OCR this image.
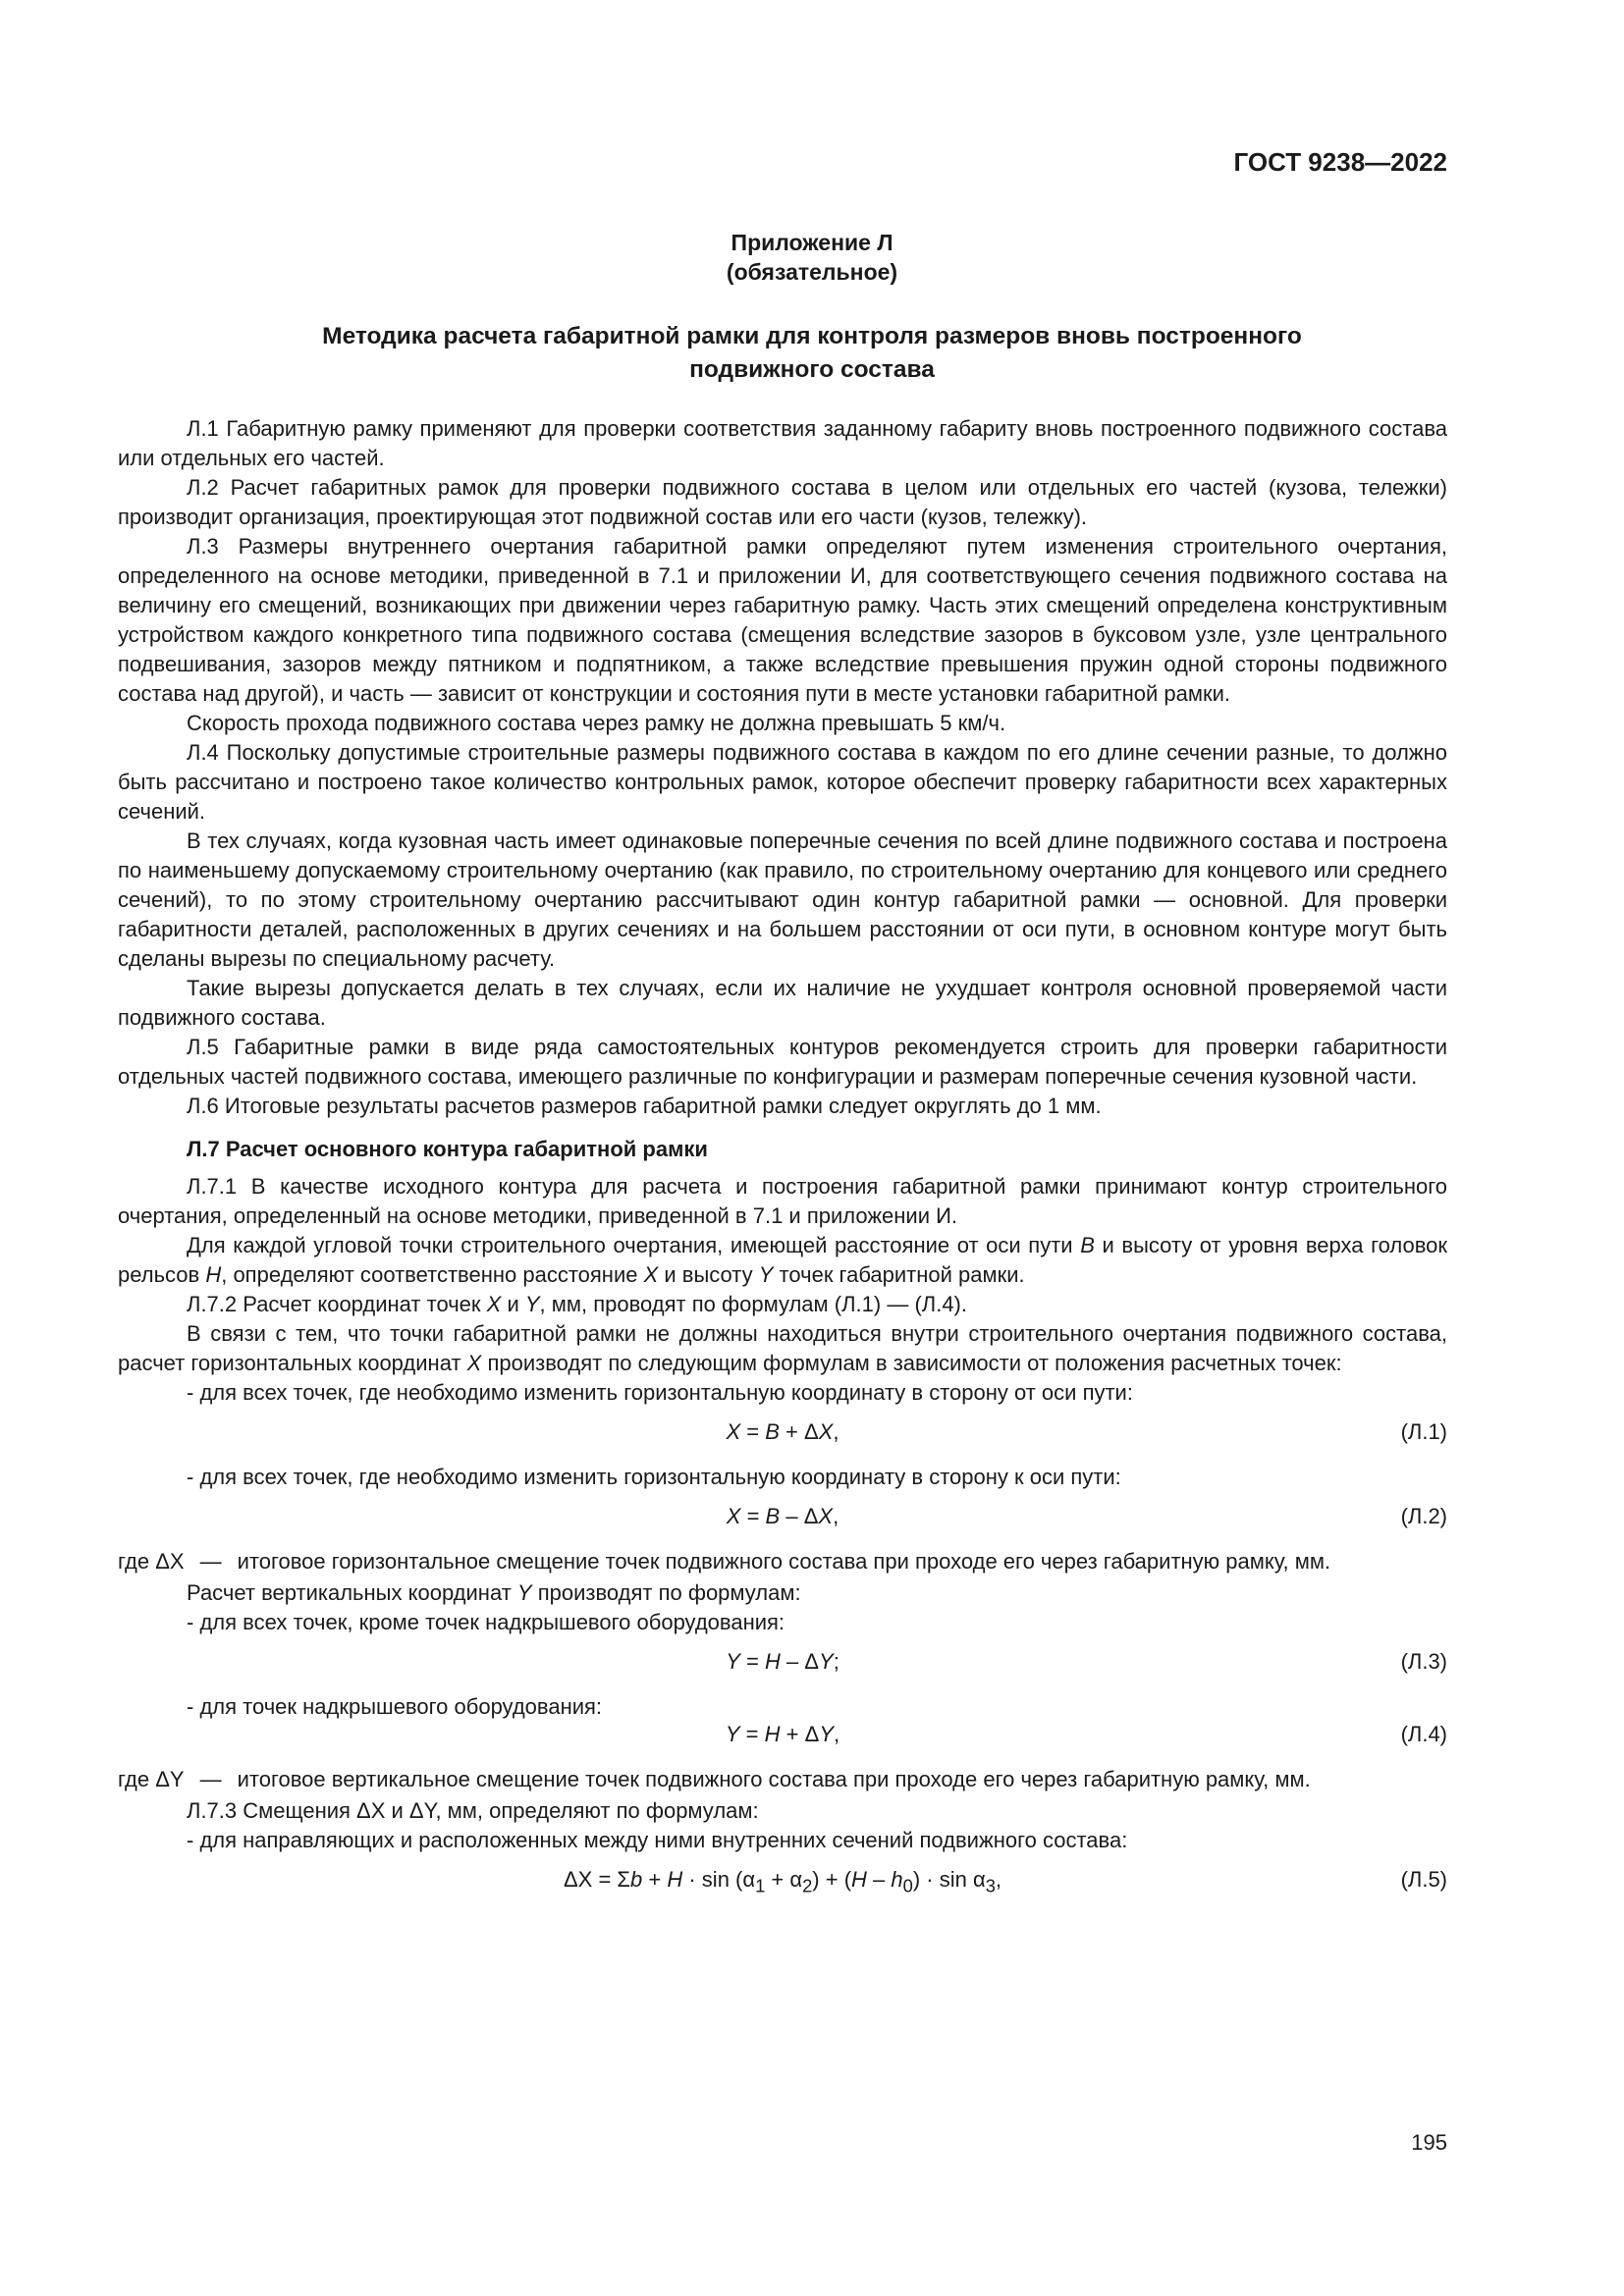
ГОСТ 9238—2022
Приложение Л
(обязательное)
Методика расчета габаритной рамки для контроля размеров вновь построенного
подвижного состава

Л.1 Габаритную рамку применяют для проверки соответствия заданному габариту вновь построенного подвижного состава или отдельных его частей.

Л.2 Расчет габаритных рамок для проверки подвижного состава в целом или отдельных его частей (кузова, тележки) производит организация, проектирующая этот подвижной состав или его части (кузов, тележку).

Л.3 Размеры внутреннего очертания габаритной рамки определяют путем изменения строительного очертания, определенного на основе методики, приведенной в 7.1 и приложении И, для соответствующего сечения подвижного состава на величину его смещений, возникающих при движении через габаритную рамку. Часть этих смещений определена конструктивным устройством каждого конкретного типа подвижного состава (смещения вследствие зазоров в буксовом узле, узле центрального подвешивания, зазоров между пятником и подпятником, а также вследствие превышения пружин одной стороны подвижного состава над другой), и часть — зависит от конструкции и состояния пути в месте установки габаритной рамки.

Скорость прохода подвижного состава через рамку не должна превышать 5 км/ч.

Л.4 Поскольку допустимые строительные размеры подвижного состава в каждом по его длине сечении разные, то должно быть рассчитано и построено такое количество контрольных рамок, которое обеспечит проверку габаритности всех характерных сечений.

В тех случаях, когда кузовная часть имеет одинаковые поперечные сечения по всей длине подвижного состава и построена по наименьшему допускаемому строительному очертанию (как правило, по строительному очертанию для концевого или среднего сечений), то по этому строительному очертанию рассчитывают один контур габаритной рамки — основной. Для проверки габаритности деталей, расположенных в других сечениях и на большем расстоянии от оси пути, в основном контуре могут быть сделаны вырезы по специальному расчету.

Такие вырезы допускается делать в тех случаях, если их наличие не ухудшает контроля основной проверяемой части подвижного состава.

Л.5 Габаритные рамки в виде ряда самостоятельных контуров рекомендуется строить для проверки габаритности отдельных частей подвижного состава, имеющего различные по конфигурации и размерам поперечные сечения кузовной части.

Л.6 Итоговые результаты расчетов размеров габаритной рамки следует округлять до 1 мм.

Л.7 Расчет основного контура габаритной рамки

Л.7.1 В качестве исходного контура для расчета и построения габаритной рамки принимают контур строительного очертания, определенный на основе методики, приведенной в 7.1 и приложении И.

Для каждой угловой точки строительного очертания, имеющей расстояние от оси пути B и высоту от уровня верха головок рельсов H, определяют соответственно расстояние X и высоту Y точек габаритной рамки.

Л.7.2 Расчет координат точек X и Y, мм, проводят по формулам (Л.1) — (Л.4).

В связи с тем, что точки габаритной рамки не должны находиться внутри строительного очертания подвижного состава, расчет горизонтальных координат X производят по следующим формулам в зависимости от положения расчетных точек:

- для всех точек, где необходимо изменить горизонтальную координату в сторону от оси пути:

X = B + ΔX,	(Л.1)

- для всех точек, где необходимо изменить горизонтальную координату в сторону к оси пути:

X = B – ΔX,	(Л.2)
где ΔX — итоговое горизонтальное смещение точек подвижного состава при проходе его через габаритную рамку, мм.

Расчет вертикальных координат Y производят по формулам:

- для всех точек, кроме точек надкрышевого оборудования:

Y = H – ΔY;	(Л.3)

- для точек надкрышевого оборудования:

Y = H + ΔY,	(Л.4)
где ΔY — итоговое вертикальное смещение точек подвижного состава при проходе его через габаритную рамку, мм.

Л.7.3 Смещения ΔX и ΔY, мм, определяют по формулам:

- для направляющих и расположенных между ними внутренних сечений подвижного состава:

$\Delta X = \Sigma b + H \cdot \sin (\alpha_1 + \alpha_2) + (H - h_0) \cdot \sin \alpha_3$,	(Л.5)
195
